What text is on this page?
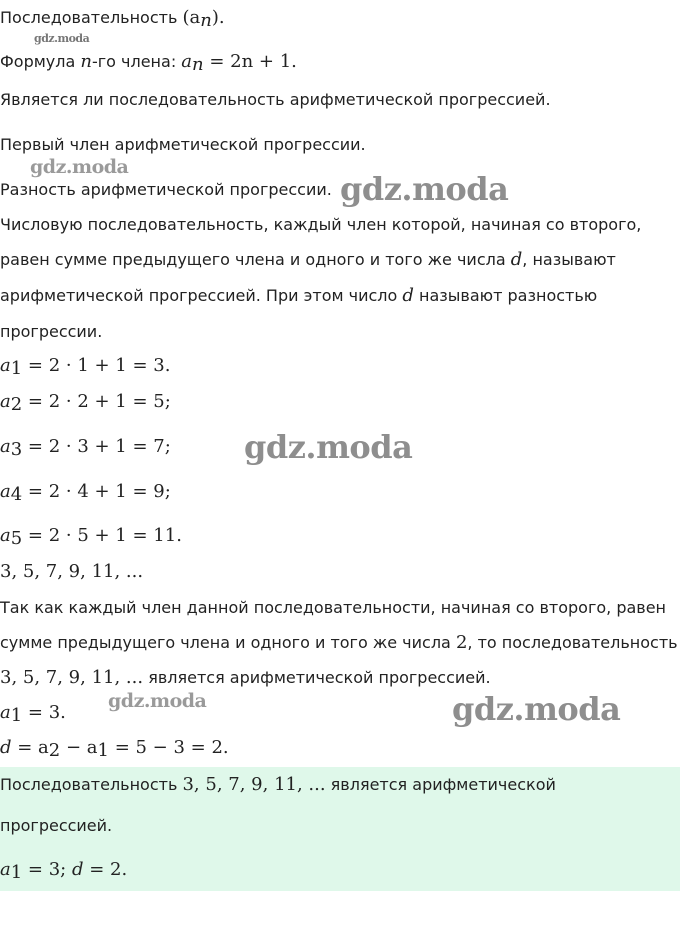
gdz.moda
gdz.moda
gdz.moda
gdz.moda
gdz.moda	gdz.moda
Последовательность $(a_n)$.
Формула n-го члена: $a_n = 2n + 1$.
Является ли последовательность арифметической прогрессией.
Первый член арифметической прогрессии.
Разность арифметической прогрессии.
Числовую последовательность, каждый член которой, начиная со второго,
равен сумме предыдущего члена и одного и того же числа d, называют
арифметической прогрессией. При этом число d называют разностью
прогрессии.
$a_1 = 2 \cdot 1 + 1 = 3$.
$a_2 = 2 \cdot 2 + 1 = 5$;
$a_3 = 2 \cdot 3 + 1 = 7$;
$a_4 = 2 \cdot 4 + 1 = 9$;
$a_5 = 2 \cdot 5 + 1 = 11$.
3, 5, 7, 9, 11, ...
Так как каждый член данной последовательности, начиная со второго, равен
сумме предыдущего члена и одного и того же числа 2, то последовательность
3, 5, 7, 9, 11, ... является арифметической прогрессией.
$a_1 = 3$.
$d = a_2 - a_1 = 5 - 3 = 2$.
Последовательность 3, 5, 7, 9, 11, ... является арифметической
прогрессией.
$a_1 = 3$; d = 2.
